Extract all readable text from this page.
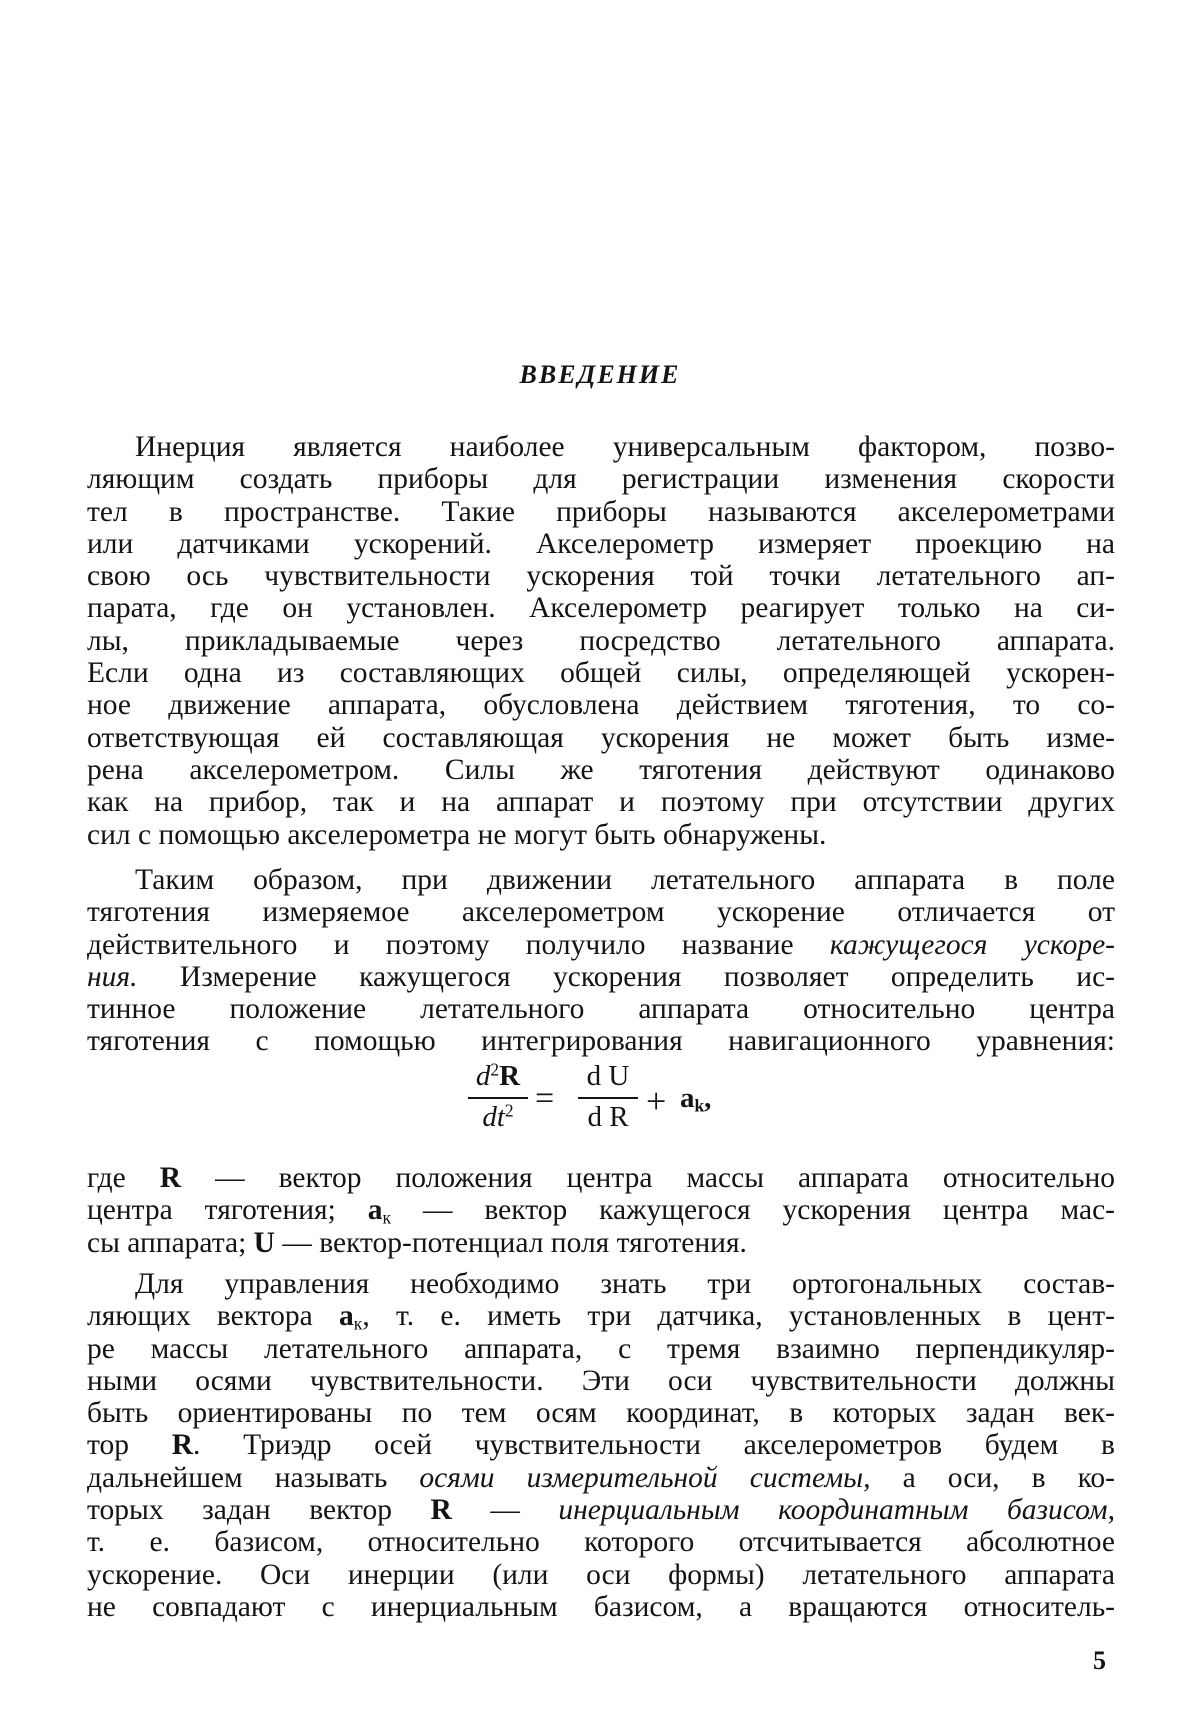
ВВЕДЕНИЕ
Инерция является наиболее универсальным фактором, позво-
ляющим создать приборы для регистрации изменения скорости
тел в пространстве. Такие приборы называются акселерометрами
или датчиками ускорений. Акселерометр измеряет проекцию на
свою ось чувствительности ускорения той точки летательного ап-
парата, где он установлен. Акселерометр реагирует только на си-
лы, прикладываемые через посредство летательного аппарата.
Если одна из составляющих общей силы, определяющей ускорен-
ное движение аппарата, обусловлена действием тяготения, то со-
ответствующая ей составляющая ускорения не может быть изме-
рена акселерометром. Силы же тяготения действуют одинаково
как на прибор, так и на аппарат и поэтому при отсутствии других
сил с помощью акселерометра не могут быть обнаружены.
Таким образом, при движении летательного аппарата в поле
тяготения измеряемое акселерометром ускорение отличается от
действительного и поэтому получило название кажущегося ускоре-
ния. Измерение кажущегося ускорения позволяет определить ис-
тинное положение летательного аппарата относительно центра
тяготения с помощью интегрирования навигационного уравнения:
$d^2R$
$dt^2$ =
d U
d $R + a_k$,
где R — вектор положения центра массы аппарата относительно
центра тяготения; $a_к$ — вектор кажущегося ускорения центра мас-
сы аппарата; U — вектор-потенциал поля тяготения.
Для управления необходимо знать три ортогональных состав-
ляющих вектора $a_к$, т. е. иметь три датчика, установленных в цент-
ре массы летательного аппарата, с тремя взаимно перпендикуляр-
ными осями чувствительности. Эти оси чувствительности должны
быть ориентированы по тем осям координат, в которых задан век-
тор R. Триэдр осей чувствительности акселерометров будем в
дальнейшем называть осями измерительной системы, а оси, в ко-
торых задан вектор R — инерциальным координатным базисом,
т. е. базисом, относительно которого отсчитывается абсолютное
ускорение. Оси инерции (или оси формы) летательного аппарата
не совпадают с инерциальным базисом, а вращаются относитель-
5
